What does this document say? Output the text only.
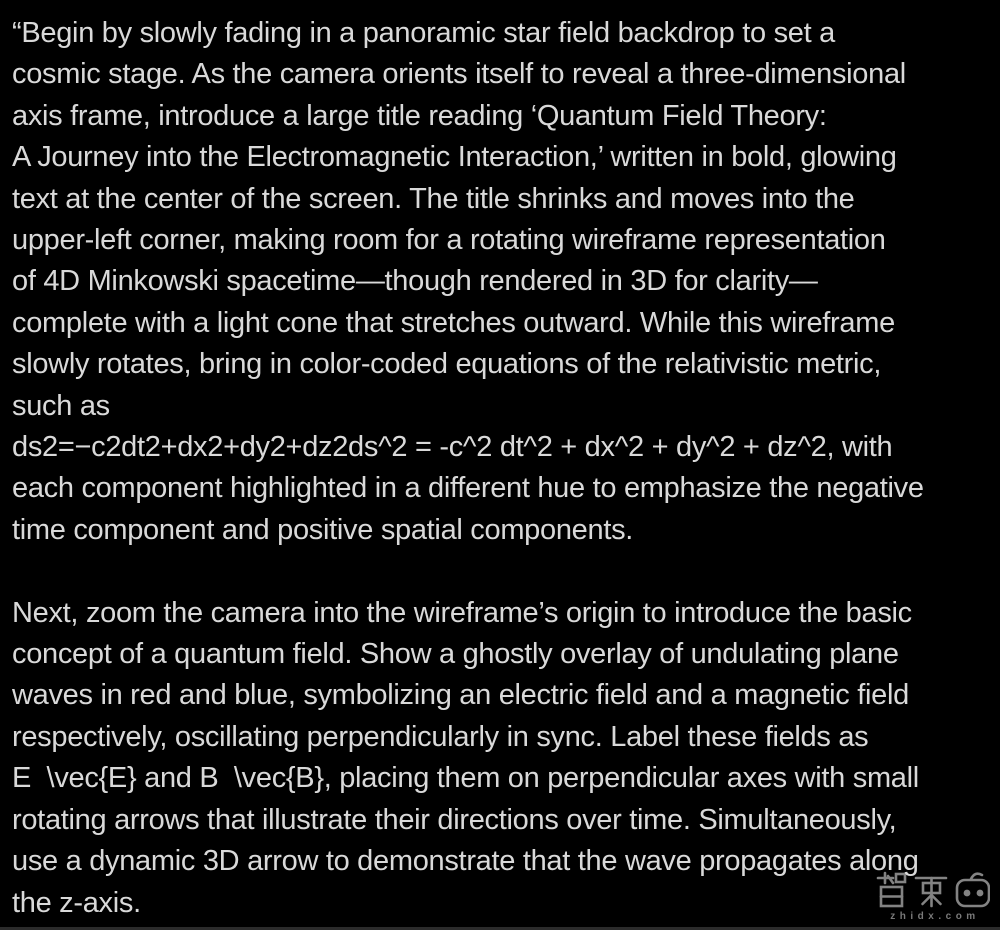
“Begin by slowly fading in a panoramic star field backdrop to set a
cosmic stage. As the camera orients itself to reveal a three-dimensional
axis frame, introduce a large title reading ‘Quantum Field Theory:
A Journey into the Electromagnetic Interaction,’ written in bold, glowing
text at the center of the screen. The title shrinks and moves into the
upper-left corner, making room for a rotating wireframe representation
of 4D Minkowski spacetime—though rendered in 3D for clarity—
complete with a light cone that stretches outward. While this wireframe
slowly rotates, bring in color-coded equations of the relativistic metric,
such as
ds2=−c2dt2+dx2+dy2+dz2ds^2 = -c^2 dt^2 + dx^2 + dy^2 + dz^2, with
each component highlighted in a different hue to emphasize the negative
time component and positive spatial components.
Next, zoom the camera into the wireframe’s origin to introduce the basic
concept of a quantum field. Show a ghostly overlay of undulating plane
waves in red and blue, symbolizing an electric field and a magnetic field
respectively, oscillating perpendicularly in sync. Label these fields as
E  \vec{E} and B  \vec{B}, placing them on perpendicular axes with small
rotating arrows that illustrate their directions over time. Simultaneously,
use a dynamic 3D arrow to demonstrate that the wave propagates along
the z-axis.	zhidx.com
